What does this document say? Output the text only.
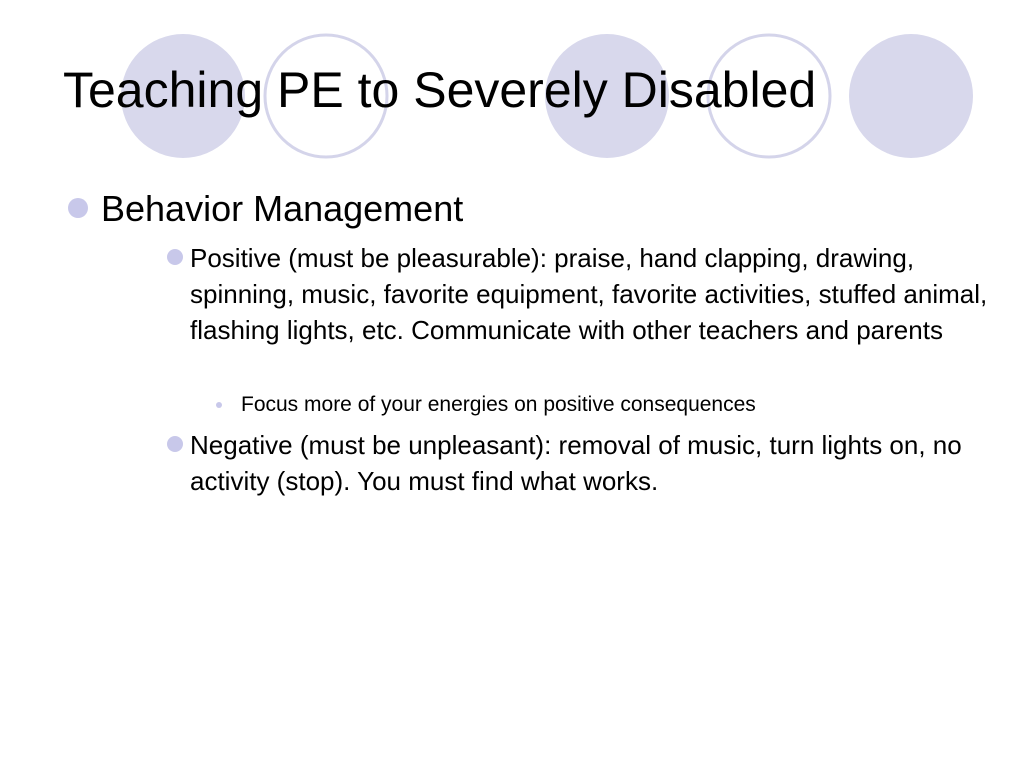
Teaching PE to Severely Disabled
Behavior Management
Positive (must be pleasurable): praise, hand clapping, drawing, spinning, music, favorite equipment, favorite activities, stuffed animal, flashing lights, etc. Communicate with other teachers and parents
Focus more of your energies on positive consequences
Negative (must be unpleasant): removal of music, turn lights on, no activity (stop). You must find what works.
